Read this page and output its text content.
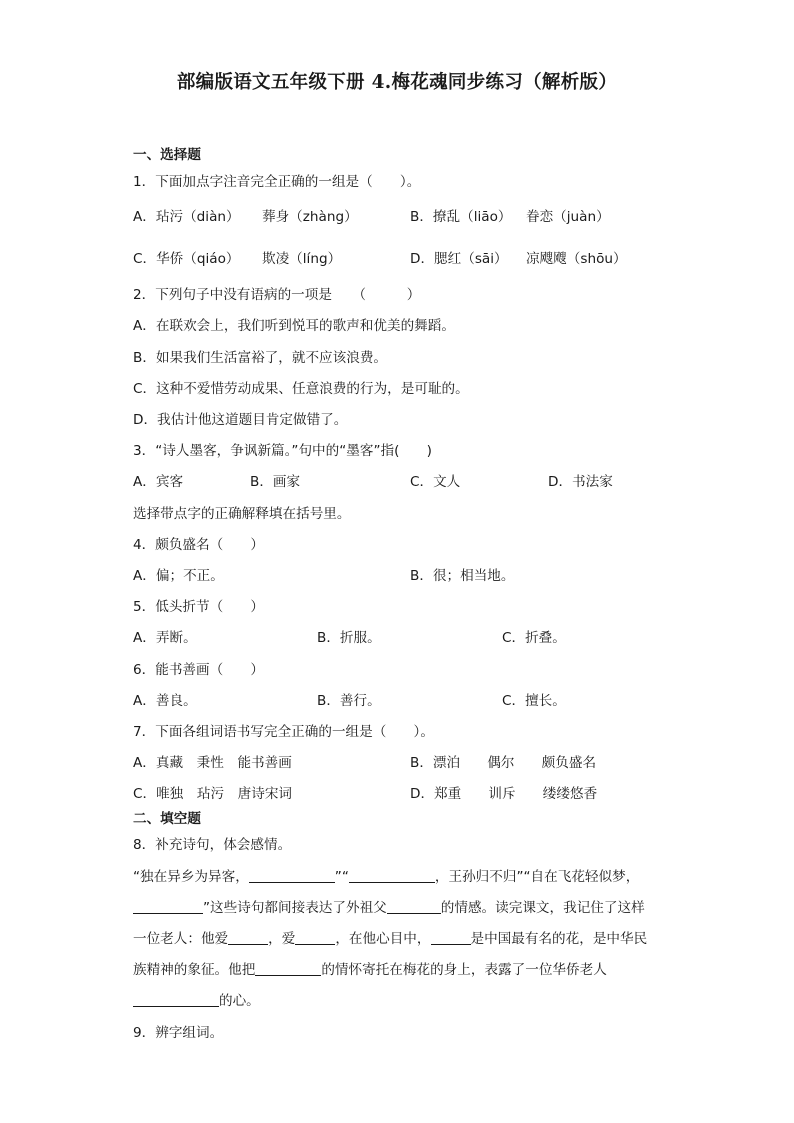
部编版语文五年级下册 4.梅花魂同步练习（解析版）
一、选择题
1．下面加点字注音完全正确的一组是（　　）。
A．玷污（diàn） 葬身（zhàng）	B．撩乱（liāo） 眷恋（juàn）
C．华侨（qiáo） 欺凌（líng）	D．腮红（sāi） 凉飕飕（shōu）
2．下列句子中没有语病的一项是　　（　　　）
A．在联欢会上，我们听到悦耳的歌声和优美的舞蹈。
B．如果我们生活富裕了，就不应该浪费。
C．这种不爱惜劳动成果、任意浪费的行为，是可耻的。
D．我估计他这道题目肯定做错了。
3．“诗人墨客，争讽新篇。”句中的“墨客”指(　　)
A．宾客	B．画家	C．文人	D．书法家
选择带点字的正确解释填在括号里。
4．颇负盛名（　　）
A．偏；不正。	B．很；相当地。
5．低头折节（　　）
A．弄断。	B．折服。	C．折叠。
6．能书善画（　　）
A．善良。	B．善行。	C．擅长。
7．下面各组词语书写完全正确的一组是（　　）。
A．真藏　秉性　能书善画	B．漂泊　　偶尔　　颇负盛名
C．唯独　玷污　唐诗宋词	D．郑重　　训斥　　缕缕悠香
二、填空题
8．补充诗句，体会感情。
“独在异乡为异客，	”“	，王孙归不归”“自在飞花轻似梦，
”这些诗句都间接表达了外祖父	的情感。读完课文，我记住了这样
一位老人：他爱	，爱	，在他心目中，	是中国最有名的花，是中华民
族精神的象征。他把	的情怀寄托在梅花的身上，表露了一位华侨老人
的心。
9．辨字组词。
